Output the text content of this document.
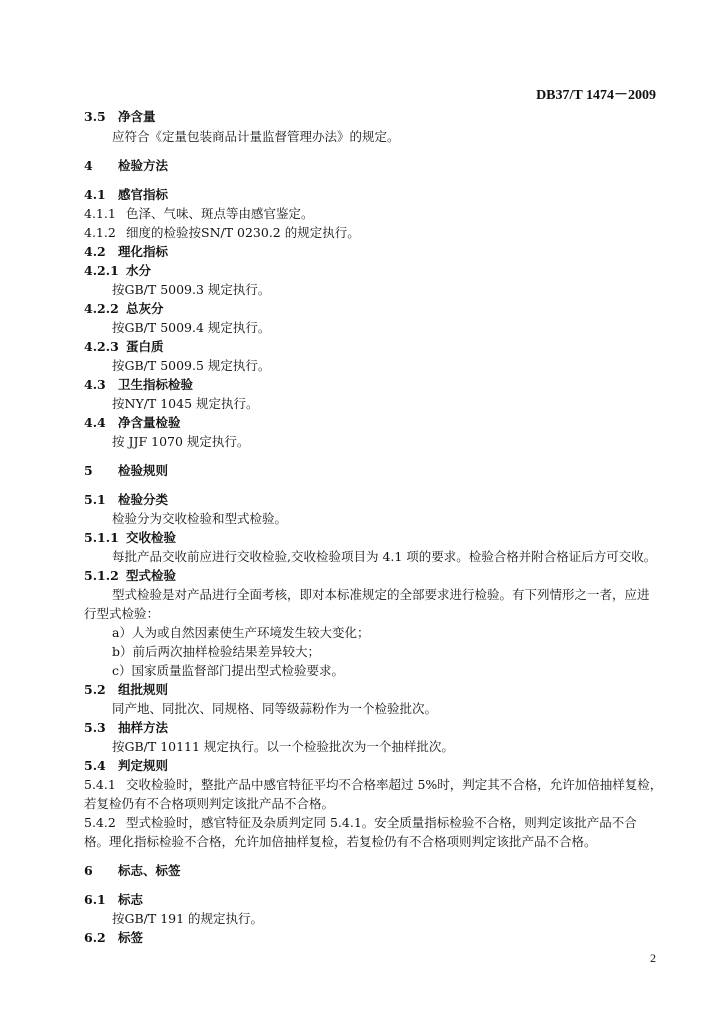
DB37/T 1474－2009
3.5 净含量
应符合《定量包装商品计量监督管理办法》的规定。
4 检验方法
4.1 感官指标
4.1.1 色泽、气味、斑点等由感官鉴定。
4.1.2 细度的检验按SN/T 0230.2 的规定执行。
4.2 理化指标
4.2.1 水分
按GB/T 5009.3 规定执行。
4.2.2 总灰分
按GB/T 5009.4 规定执行。
4.2.3 蛋白质
按GB/T 5009.5 规定执行。
4.3 卫生指标检验
按NY/T 1045 规定执行。
4.4 净含量检验
按 JJF 1070 规定执行。
5 检验规则
5.1 检验分类
检验分为交收检验和型式检验。
5.1.1 交收检验
每批产品交收前应进行交收检验,交收检验项目为 4.1 项的要求。检验合格并附合格证后方可交收。
5.1.2 型式检验
型式检验是对产品进行全面考核，即对本标准规定的全部要求进行检验。有下列情形之一者，应进
行型式检验：
a）人为或自然因素使生产环境发生较大变化；
b）前后两次抽样检验结果差异较大；
c）国家质量监督部门提出型式检验要求。
5.2 组批规则
同产地、同批次、同规格、同等级蒜粉作为一个检验批次。
5.3 抽样方法
按GB/T 10111 规定执行。以一个检验批次为一个抽样批次。
5.4 判定规则
5.4.1 交收检验时，整批产品中感官特征平均不合格率超过 5%时，判定其不合格，允许加倍抽样复检，
若复检仍有不合格项则判定该批产品不合格。
5.4.2 型式检验时，感官特征及杂质判定同 5.4.1。安全质量指标检验不合格，则判定该批产品不合
格。理化指标检验不合格，允许加倍抽样复检，若复检仍有不合格项则判定该批产品不合格。
6 标志、标签
6.1 标志
按GB/T 191 的规定执行。
6.2 标签
2
